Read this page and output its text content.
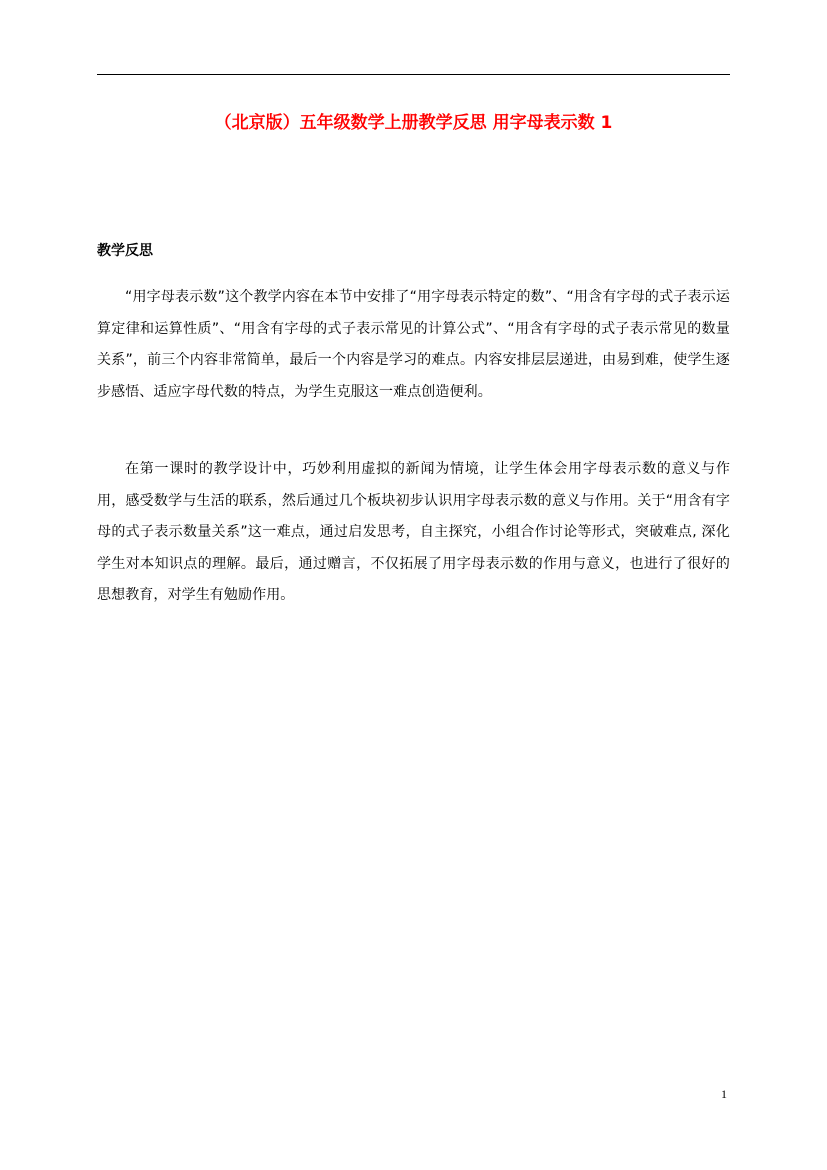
（北京版）五年级数学上册教学反思 用字母表示数 1
教学反思

“用字母表示数”这个教学内容在本节中安排了“用字母表示特定的数”、“用含有字母的式子表示运算定律和运算性质”、“用含有字母的式子表示常见的计算公式”、“用含有字母的式子表示常见的数量关系”，前三个内容非常简单，最后一个内容是学习的难点。内容安排层层递进，由易到难，使学生逐步感悟、适应字母代数的特点，为学生克服这一难点创造便利。

在第一课时的教学设计中，巧妙利用虚拟的新闻为情境，让学生体会用字母表示数的意义与作用，感受数学与生活的联系，然后通过几个板块初步认识用字母表示数的意义与作用。关于“用含有字母的式子表示数量关系”这一难点，通过启发思考，自主探究，小组合作讨论等形式，突破难点, 深化学生对本知识点的理解。最后，通过赠言，不仅拓展了用字母表示数的作用与意义，也进行了很好的思想教育，对学生有勉励作用。

1
